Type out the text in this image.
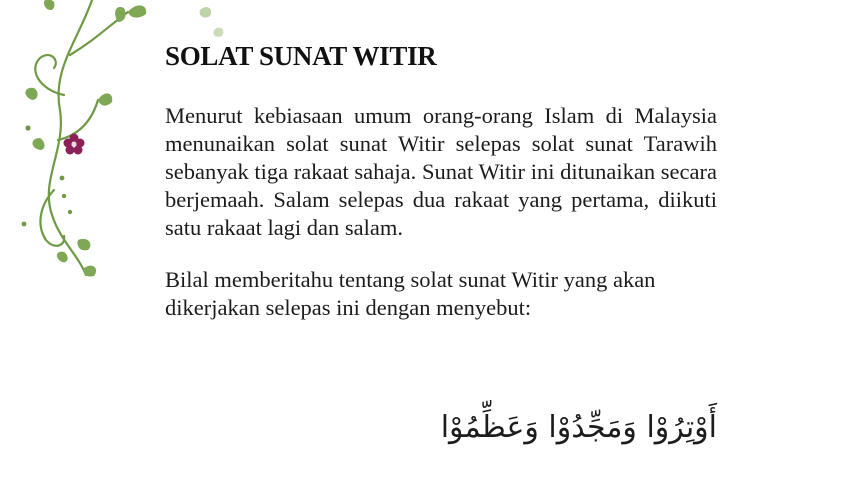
SOLAT SUNAT WITIR

Menurut kebiasaan umum orang-orang Islam di Malaysia menunaikan solat sunat Witir selepas solat sunat Tarawih sebanyak tiga rakaat sahaja. Sunat Witir ini ditunaikan secara berjemaah. Salam selepas dua rakaat yang pertama, diikuti satu rakaat lagi dan salam.

Bilal memberitahu tentang solat sunat Witir yang akan dikerjakan selepas ini dengan menyebut:

أَوْتِرُوْا وَمَجِّدُوْا وَعَظِّمُوْا
